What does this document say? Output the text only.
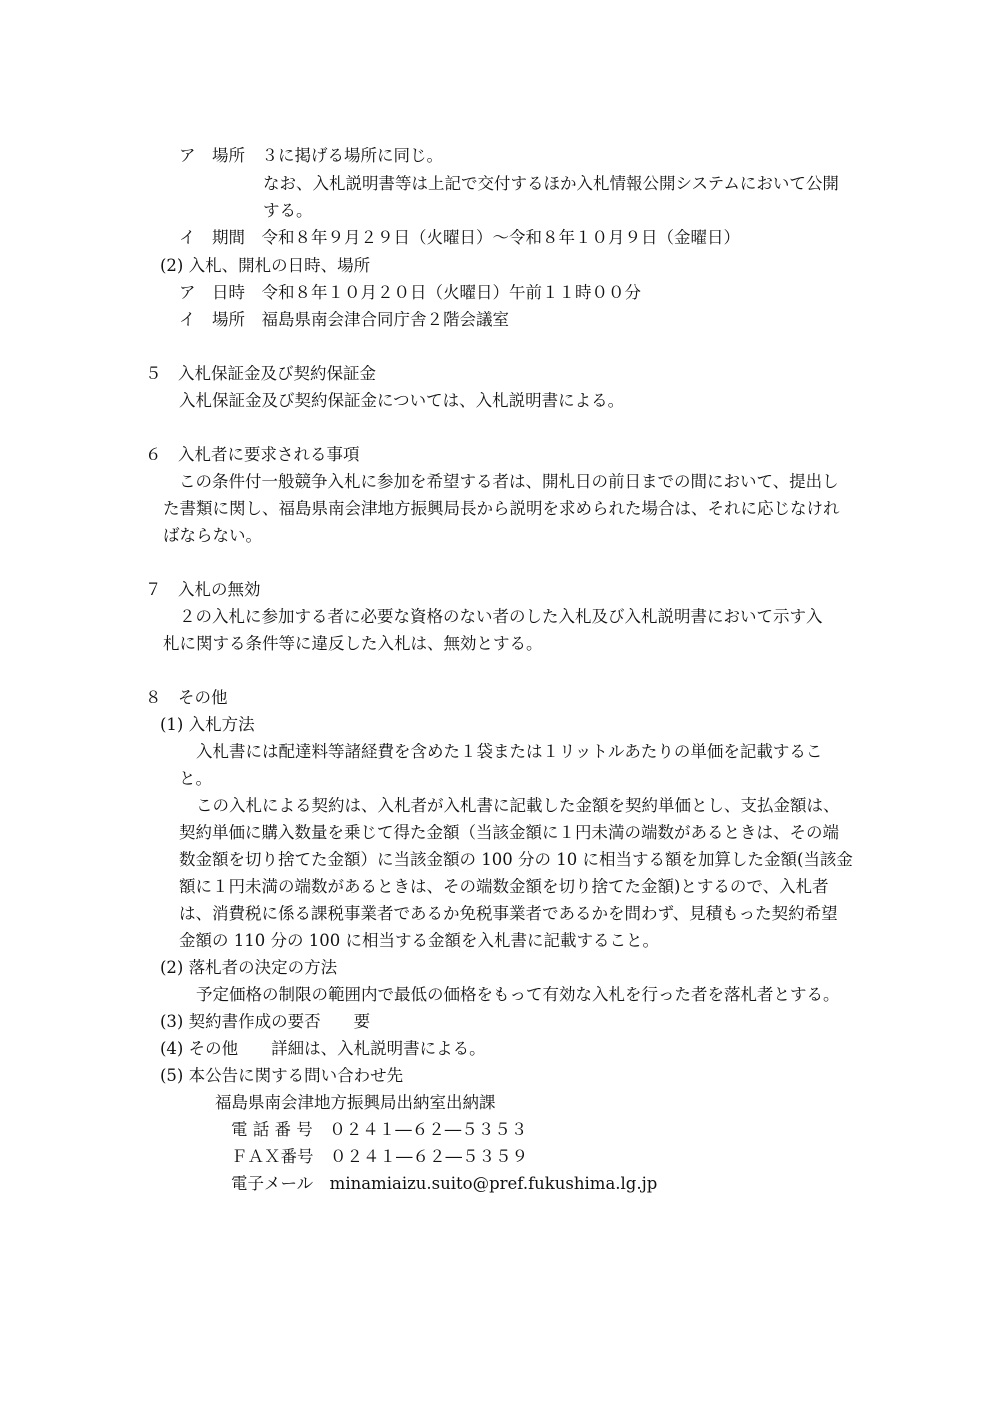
ア　場所　３に掲げる場所に同じ。
なお、入札説明書等は上記で交付するほか入札情報公開システムにおいて公開
する。
イ　期間　令和８年９月２９日（火曜日）～令和８年１０月９日（金曜日）
(2) 入札、開札の日時、場所
ア　日時　令和８年１０月２０日（火曜日）午前１１時００分
イ　場所　福島県南会津合同庁舎２階会議室
５　入札保証金及び契約保証金
入札保証金及び契約保証金については、入札説明書による。
６　入札者に要求される事項
この条件付一般競争入札に参加を希望する者は、開札日の前日までの間において、提出し
た書類に関し、福島県南会津地方振興局長から説明を求められた場合は、それに応じなけれ
ばならない。
７　入札の無効
２の入札に参加する者に必要な資格のない者のした入札及び入札説明書において示す入
札に関する条件等に違反した入札は、無効とする。
８　その他
(1) 入札方法
入札書には配達料等諸経費を含めた１袋または１リットルあたりの単価を記載するこ
と。
この入札による契約は、入札者が入札書に記載した金額を契約単価とし、支払金額は、
契約単価に購入数量を乗じて得た金額（当該金額に１円未満の端数があるときは、その端
数金額を切り捨てた金額）に当該金額の 100 分の 10 に相当する額を加算した金額(当該金
額に１円未満の端数があるときは、その端数金額を切り捨てた金額)とするので、入札者
は、消費税に係る課税事業者であるか免税事業者であるかを問わず、見積もった契約希望
金額の 110 分の 100 に相当する金額を入札書に記載すること。
(2) 落札者の決定の方法
予定価格の制限の範囲内で最低の価格をもって有効な入札を行った者を落札者とする。
(3) 契約書作成の要否　　要
(4) その他　　詳細は、入札説明書による。
(5) 本公告に関する問い合わせ先
福島県南会津地方振興局出納室出納課
電 話 番 号　０２４１―６２―５３５３
ＦＡＸ番号　０２４１―６２―５３５９
電子メール　minamiaizu.suito@pref.fukushima.lg.jp
